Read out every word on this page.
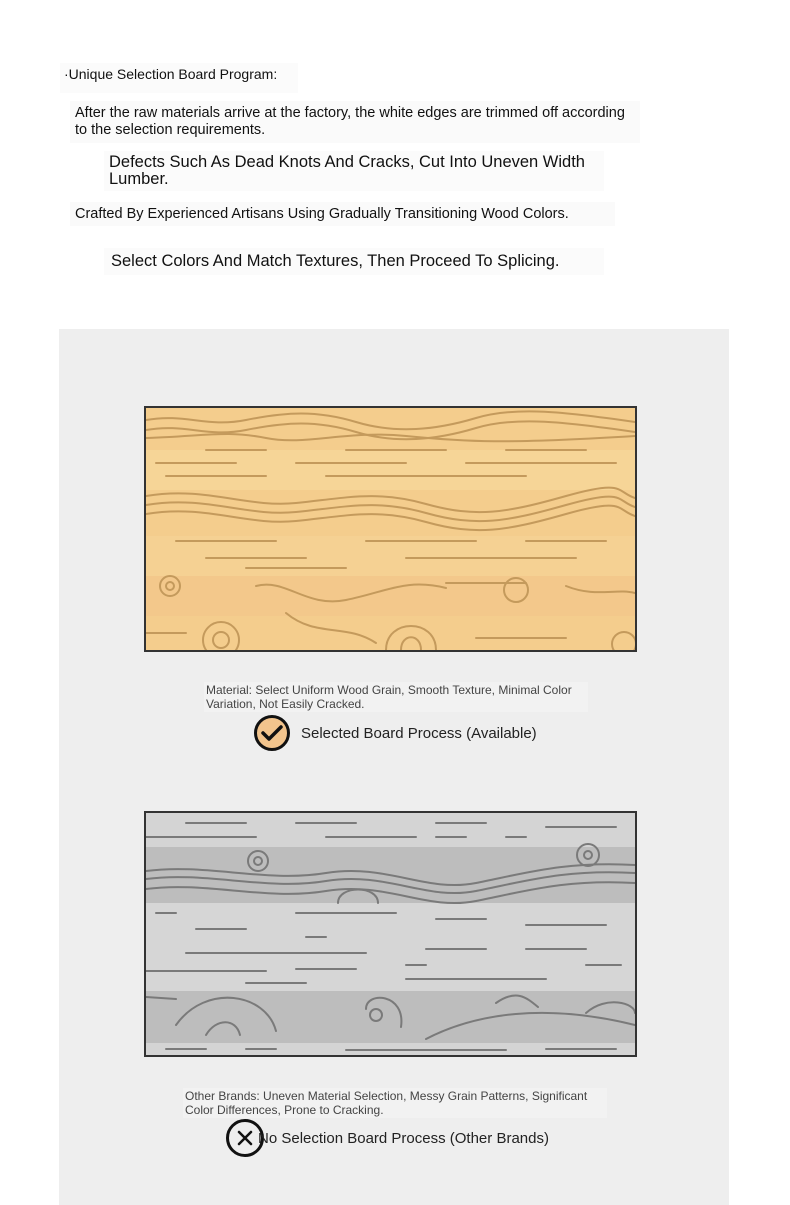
·Unique Selection Board Program:

After the raw materials arrive at the factory, the white edges are trimmed off according to the selection requirements.

Defects Such As Dead Knots And Cracks, Cut Into Uneven Width Lumber.

Crafted By Experienced Artisans Using Gradually Transitioning Wood Colors.

Select Colors And Match Textures, Then Proceed To Splicing.

Material: Select Uniform Wood Grain, Smooth Texture, Minimal Color Variation, Not Easily Cracked.

Selected Board Process (Available)

Other Brands: Uneven Material Selection, Messy Grain Patterns, Significant Color Differences, Prone to Cracking.

No Selection Board Process (Other Brands)
